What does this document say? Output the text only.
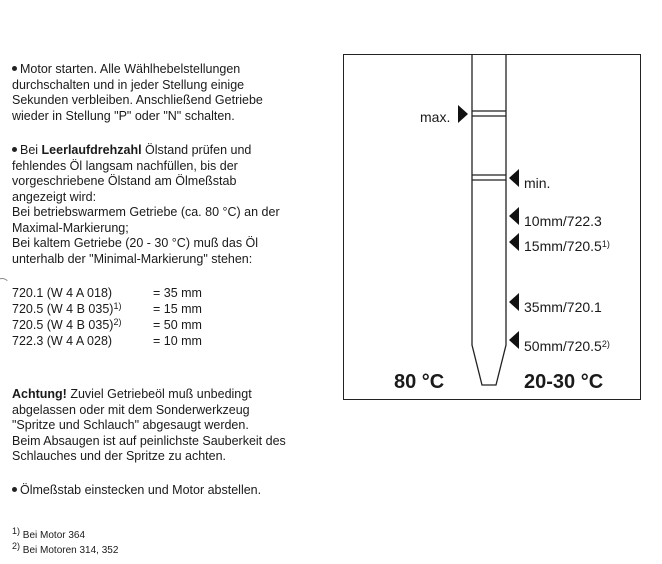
Motor starten. Alle Wählhebelstellungen
durchschalten und in jeder Stellung einige
Sekunden verbleiben. Anschließend Getriebe
wieder in Stellung "P" oder "N" schalten.
Bei Leerlaufdrehzahl Ölstand prüfen und
fehlendes Öl langsam nachfüllen, bis der
vorgeschriebene Ölstand am Ölmeßstab
angezeigt wird:
Bei betriebswarmem Getriebe (ca. 80 °C) an der
Maximal-Markierung;
Bei kaltem Getriebe (20 - 30 °C) muß das Öl
unterhalb der "Minimal-Markierung" stehen:
720.1 (W 4 A 018)	= 35 mm
720.5 (W 4 B 035)$^{1)}$	= 15 mm
720.5 (W 4 B 035)$^{2)}$	= 50 mm
722.3 (W 4 A 028)	= 10 mm
Achtung! Zuviel Getriebeöl muß unbedingt
abgelassen oder mit dem Sonderwerkzeug
"Spritze und Schlauch" abgesaugt werden.
Beim Absaugen ist auf peinlichste Sauberkeit des
Schlauches und der Spritze zu achten.
Ölmeßstab einstecken und Motor abstellen.
$^{1)}$ Bei Motor 364
$^{2)}$ Bei Motoren 314, 352
max.
min.
10mm/722.3
15mm/720.5$^{1)}$
35mm/720.1
50mm/720.5$^{2)}$
80 °C	20-30 °C
